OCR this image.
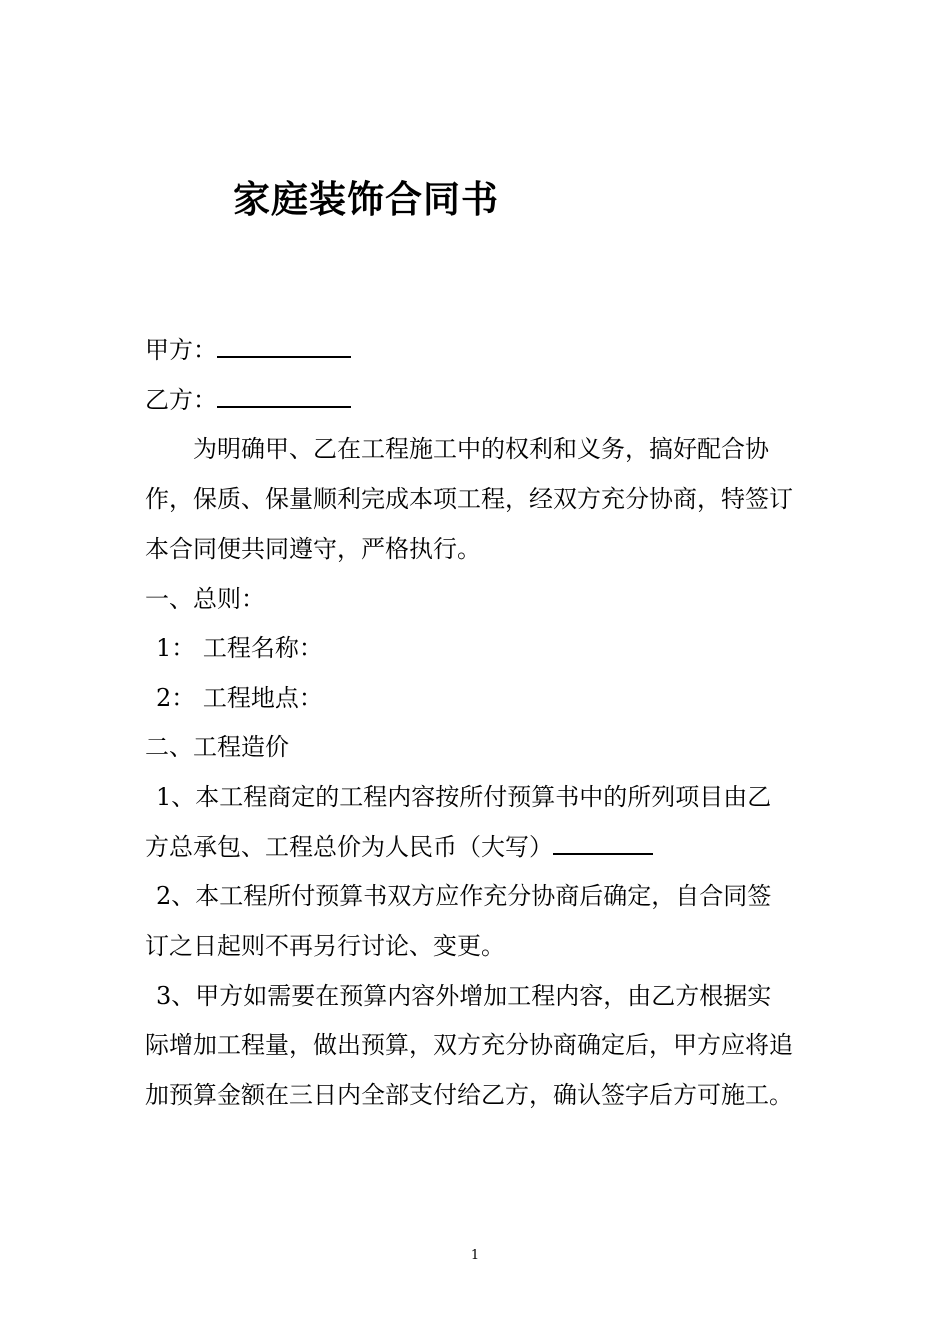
家庭装饰合同书
甲方：
乙方：
为明确甲、乙在工程施工中的权利和义务，搞好配合协
作，保质、保量顺利完成本项工程，经双方充分协商，特签订
本合同便共同遵守，严格执行。
一、总则：
1： 工程名称：
2： 工程地点：
二、工程造价
1、本工程商定的工程内容按所付预算书中的所列项目由乙
方总承包、工程总价为人民币（大写）
2、本工程所付预算书双方应作充分协商后确定，自合同签
订之日起则不再另行讨论、变更。
3、甲方如需要在预算内容外增加工程内容，由乙方根据实
际增加工程量，做出预算，双方充分协商确定后，甲方应将追
加预算金额在三日内全部支付给乙方，确认签字后方可施工。
1
